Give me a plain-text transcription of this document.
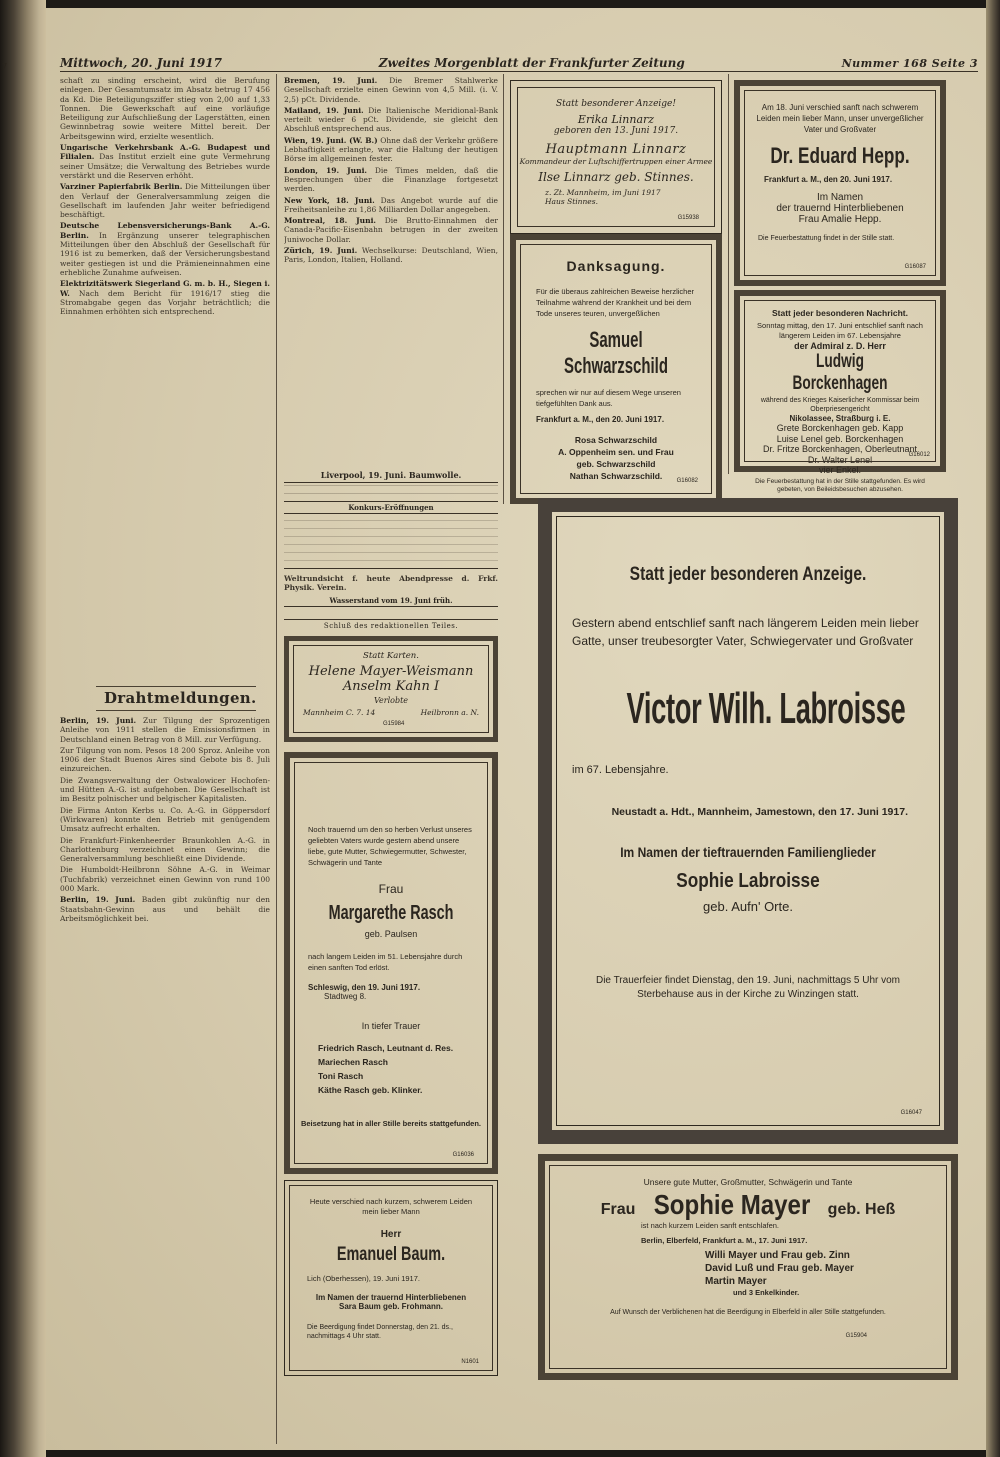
7	Mittwoch, 20. Juni 1917	Zweites Morgenblatt der Frankfurter Zeitung	Nummer 168 Seite 3
schaft zu sinding erscheint, wird die Berufung einlegen. Der Gesamtumsatz im Absatz betrug 17 456 da Kd. Die Beteiligungsziffer stieg von 2,00 auf 1,33 Tonnen. Die Gewerkschaft auf eine vorläufige Beteiligung zur Aufschließung der Lagerstätten, einen Gewinnbetrag sowie weitere Mittel bereit. Der Arbeitsgewinn wird, erzielte wesentlich.
Ungarische Verkehrsbank A.-G. Budapest und Filialen. Das Institut erzielt eine gute Vermehrung seiner Umsätze; die Verwaltung des Betriebes wurde verstärkt und die Reserven erhöht.
Varziner Papierfabrik Berlin. Die Mitteilungen über den Verlauf der Generalversammlung zeigen die Gesellschaft im laufenden Jahr weiter befriedigend beschäftigt.
Deutsche Lebensversicherungs-Bank A.-G. Berlin. In Ergänzung unserer telegraphischen Mitteilungen über den Abschluß der Gesellschaft für 1916 ist zu bemerken, daß der Versicherungsbestand weiter gestiegen ist und die Prämieneinnahmen eine erhebliche Zunahme aufweisen.
Elektrizitätswerk Siegerland G. m. b. H., Siegen i. W. Nach dem Bericht für 1916/17 stieg die Stromabgabe gegen das Vorjahr beträchtlich; die Einnahmen erhöhten sich entsprechend.
Drahtmeldungen.
Berlin, 19. Juni. Zur Tilgung der Sprozentigen Anleihe von 1911 stellen die Emissionsfirmen in Deutschland einen Betrag von 8 Mill. zur Verfügung.
Zur Tilgung von nom. Pesos 18 200 Sproz. Anleihe von 1906 der Stadt Buenos Aires sind Gebote bis 8. Juli einzureichen.
Die Zwangsverwaltung der Ostwalowicer Hochofen- und Hütten A.-G. ist aufgehoben. Die Gesellschaft ist im Besitz polnischer und belgischer Kapitalisten.
Die Firma Anton Kerbs u. Co. A.-G. in Göppersdorf (Wirkwaren) konnte den Betrieb mit genügendem Umsatz aufrecht erhalten.
Die Frankfurt-Finkenheerder Braunkohlen A.-G. in Charlottenburg verzeichnet einen Gewinn; die Generalversammlung beschließt eine Dividende.
Die Humboldt-Heilbronn Söhne A.-G. in Weimar (Tuchfabrik) verzeichnet einen Gewinn von rund 100 000 Mark.
Berlin, 19. Juni. Baden gibt zukünftig nur den Staatsbahn-Gewinn aus und behält die Arbeitsmöglichkeit bei.
Bremen, 19. Juni. Die Bremer Stahlwerke Gesellschaft erzielte einen Gewinn von 4,5 Mill. (i. V. 2,5) pCt. Dividende.
Mailand, 19. Juni. Die Italienische Meridional-Bank verteilt wieder 6 pCt. Dividende, sie gleicht den Abschluß entsprechend aus.
Wien, 19. Juni. (W. B.) Ohne daß der Verkehr größere Lebhaftigkeit erlangte, war die Haltung der heutigen Börse im allgemeinen fester.
London, 19. Juni. Die Times melden, daß die Besprechungen über die Finanzlage fortgesetzt werden.
New York, 18. Juni. Das Angebot wurde auf die Freiheitsanleihe zu 1,86 Milliarden Dollar angegeben.
Montreal, 18. Juni. Die Brutto-Einnahmen der Canada-Pacific-Eisenbahn betrugen in der zweiten Juniwoche Dollar.
Zürich, 19. Juni. Wechselkurse: Deutschland, Wien, Paris, London, Italien, Holland.
Liverpool, 19. Juni. Baumwolle.
Konkurs-Eröffnungen
Weltrundsicht f. heute Abendpresse d. Frkf. Physik. Verein.
Wasserstand vom 19. Juni früh.
Schluß des redaktionellen Teiles.
Statt besonderer Anzeige!
Erika Linnarz
geboren den 13. Juni 1917.
Hauptmann Linnarz
Kommandeur der Luftschiffertruppen einer Armee
Ilse Linnarz geb. Stinnes.
z. Zt. Mannheim, im Juni 1917
Haus Stinnes.
G15938
Danksagung.
Für die überaus zahlreichen Beweise herzlicher Teilnahme während der Krankheit und bei dem Tode unseres teuren, unvergeßlichen
Samuel Schwarzschild
sprechen wir nur auf diesem Wege unseren tiefgefühlten Dank aus.
Frankfurt a. M., den 20. Juni 1917.
Rosa Schwarzschild
A. Oppenheim sen. und Frau
geb. Schwarzschild
Nathan Schwarzschild.	G16082
Am 18. Juni verschied sanft nach schwerem Leiden mein lieber Mann, unser unvergeßlicher Vater und Großvater
Dr. Eduard Hepp.
Frankfurt a. M., den 20. Juni 1917.
Im Namen
der trauernd Hinterbliebenen
Frau Amalie Hepp.
Die Feuerbestattung findet in der Stille statt.
G16087
Statt jeder besonderen Nachricht.
Sonntag mittag, den 17. Juni entschlief sanft nach längerem Leiden im 67. Lebensjahre
der Admiral z. D. Herr
Ludwig Borckenhagen
während des Krieges Kaiserlicher Kommissar beim Oberpriesengericht
Nikolassee, Straßburg i. E.
Grete Borckenhagen geb. Kapp
Luise Lenel geb. Borckenhagen
Dr. Fritze Borckenhagen, Oberleutnant
Dr. Walter Lenel
vier Enkel.
Die Feuerbestattung hat in der Stille stattgefunden. Es wird gebeten, von Beileidsbesuchen abzusehen.
G16012
Statt jeder besonderen Anzeige.
Gestern abend entschlief sanft nach längerem Leiden mein lieber Gatte, unser treubesorgter Vater, Schwiegervater und Großvater
Victor Wilh. Labroisse
im 67. Lebensjahre.
Neustadt a. Hdt., Mannheim, Jamestown, den 17. Juni 1917.
Im Namen der tieftrauernden Familienglieder
Sophie Labroisse
geb. Aufn' Orte.
Die Trauerfeier findet Dienstag, den 19. Juni, nachmittags 5 Uhr vom Sterbehause aus in der Kirche zu Winzingen statt.
G16047
Statt Karten.
Helene Mayer-Weismann
Anselm Kahn I
Verlobte
Mannheim C. 7. 14	Heilbronn a. N.
G15984
Noch trauernd um den so herben Verlust unseres geliebten Vaters wurde gestern abend unsere liebe, gute Mutter, Schwiegermutter, Schwester, Schwägerin und Tante
Frau
Margarethe Rasch
geb. Paulsen
nach langem Leiden im 51. Lebensjahre durch einen sanften Tod erlöst.
Schleswig, den 19. Juni 1917.
Stadtweg 8.
In tiefer Trauer
Friedrich Rasch, Leutnant d. Res.
Mariechen Rasch
Toni Rasch
Käthe Rasch geb. Klinker.
Beisetzung hat in aller Stille bereits stattgefunden.
G16036
Heute verschied nach kurzem, schwerem Leiden mein lieber Mann
Herr
Emanuel Baum.
Lich (Oberhessen), 19. Juni 1917.
Im Namen der trauernd Hinterbliebenen
Sara Baum geb. Frohmann.
Die Beerdigung findet Donnerstag, den 21. ds., nachmittags 4 Uhr statt.
N1601
Unsere gute Mutter, Großmutter, Schwägerin und Tante
Frau Sophie Mayer geb. Heß
ist nach kurzem Leiden sanft entschlafen.
Berlin, Elberfeld, Frankfurt a. M., 17. Juni 1917.
Willi Mayer und Frau geb. Zinn
David Luß und Frau geb. Mayer
Martin Mayer
und 3 Enkelkinder.
Auf Wunsch der Verblichenen hat die Beerdigung in Elberfeld in aller Stille stattgefunden.
G15904
